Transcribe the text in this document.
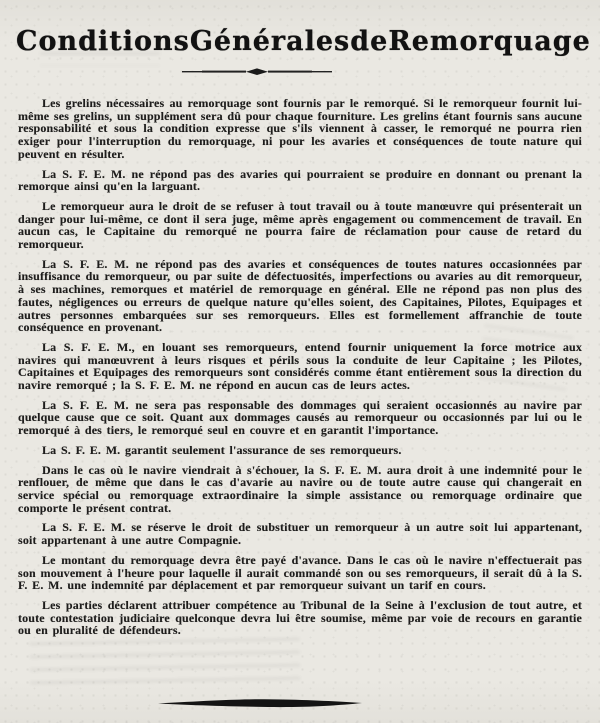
Conditions Générales de Remorquage

Les grelins nécessaires au remorquage sont fournis par le remorqué. Si le remorqueur fournit lui-même ses grelins, un supplément sera dû pour chaque fourniture. Les grelins étant fournis sans aucune responsabilité et sous la condition expresse que s'ils viennent à casser, le remorqué ne pourra rien exiger pour l'interruption du remorquage, ni pour les avaries et conséquences de toute nature qui peuvent en résulter.

La S. F. E. M. ne répond pas des avaries qui pourraient se produire en donnant ou prenant la remorque ainsi qu'en la larguant.

Le remorqueur aura le droit de se refuser à tout travail ou à toute manœuvre qui présenterait un danger pour lui-même, ce dont il sera juge, même après engagement ou commencement de travail. En aucun cas, le Capitaine du remorqué ne pourra faire de réclamation pour cause de retard du remorqueur.

La S. F. E. M. ne répond pas des avaries et conséquences de toutes natures occasionnées par insuffisance du remorqueur, ou par suite de défectuosités, imperfections ou avaries au dit remorqueur, à ses machines, remorques et matériel de remorquage en général. Elle ne répond pas non plus des fautes, négligences ou erreurs de quelque nature qu'elles soient, des Capitaines, Pilotes, Equipages et autres personnes embarquées sur ses remorqueurs. Elles est formellement affranchie de toute conséquence en provenant.

La S. F. E. M., en louant ses remorqueurs, entend fournir uniquement la force motrice aux navires qui manœuvrent à leurs risques et périls sous la conduite de leur Capitaine ; les Pilotes, Capitaines et Equipages des remorqueurs sont considérés comme étant entièrement sous la direction du navire remorqué ; la S. F. E. M. ne répond en aucun cas de leurs actes.

La S. F. E. M. ne sera pas responsable des dommages qui seraient occasionnés au navire par quelque cause que ce soit. Quant aux dommages causés au remorqueur ou occasionnés par lui ou le remorqué à des tiers, le remorqué seul en couvre et en garantit l'importance.

La S. F. E. M. garantit seulement l'assurance de ses remorqueurs.

Dans le cas où le navire viendrait à s'échouer, la S. F. E. M. aura droit à une indemnité pour le renflouer, de même que dans le cas d'avarie au navire ou de toute autre cause qui changerait en service spécial ou remorquage extraordinaire la simple assistance ou remorquage ordinaire que comporte le présent contrat.

La S. F. E. M. se réserve le droit de substituer un remorqueur à un autre soit lui appartenant, soit appartenant à une autre Compagnie.

Le montant du remorquage devra être payé d'avance. Dans le cas où le navire n'effectuerait pas son mouvement à l'heure pour laquelle il aurait commandé son ou ses remorqueurs, il serait dû à la S. F. E. M. une indemnité par déplacement et par remorqueur suivant un tarif en cours.

Les parties déclarent attribuer compétence au Tribunal de la Seine à l'exclusion de tout autre, et toute contestation judiciaire quelconque devra lui être soumise, même par voie de recours en garantie ou en pluralité de défendeurs.
